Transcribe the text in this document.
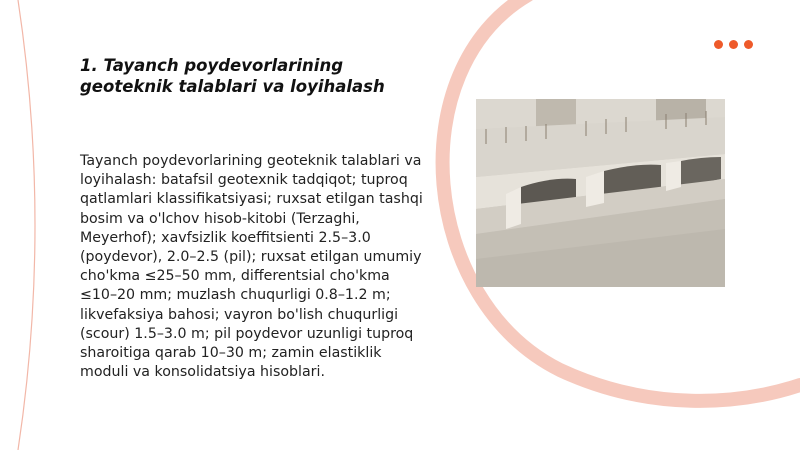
1. Tayanch poydevorlarining geoteknik talablari va loyihalash
Tayanch poydevorlarining geoteknik talablari va loyihalash: batafsil geotexnik tadqiqot; tuproq qatlamlari klassifikatsiyasi; ruxsat etilgan tashqi bosim va o'lchov hisob-kitobi (Terzaghi, Meyerhof); xavfsizlik koeffitsienti 2.5–3.0 (poydevor), 2.0–2.5 (pil); ruxsat etilgan umumiy cho'kma ≤25–50 mm, differentsial cho'kma ≤10–20 mm; muzlash chuqurligi 0.8–1.2 m; likvefaksiya bahosi; vayron bo'lish chuqurligi (scour) 1.5–3.0 m; pil poydevor uzunligi tuproq sharoitiga qarab 10–30 m; zamin elastiklik moduli va konsolidatsiya hisoblari.
